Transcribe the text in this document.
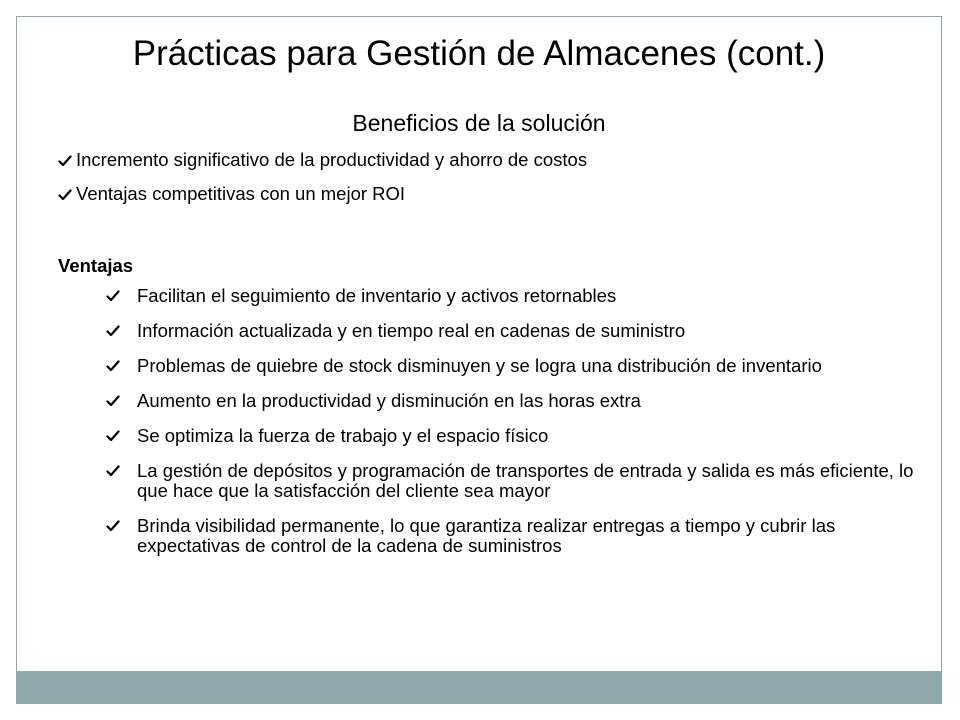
Prácticas para Gestión de Almacenes (cont.)
Beneficios de la solución
Incremento significativo de la productividad y ahorro de costos
Ventajas competitivas con un mejor ROI
Ventajas
Facilitan el seguimiento de inventario y activos retornables
Información actualizada y en tiempo real en cadenas de suministro
Problemas de quiebre de stock disminuyen y se logra una distribución de inventario
Aumento en la productividad y disminución en las horas extra
Se optimiza la fuerza de trabajo y el espacio físico
La gestión de depósitos y programación de transportes de entrada y salida es más eficiente, lo que hace que la satisfacción del cliente sea mayor
Brinda visibilidad permanente, lo que garantiza realizar entregas a tiempo y cubrir las expectativas de control de la cadena de suministros
